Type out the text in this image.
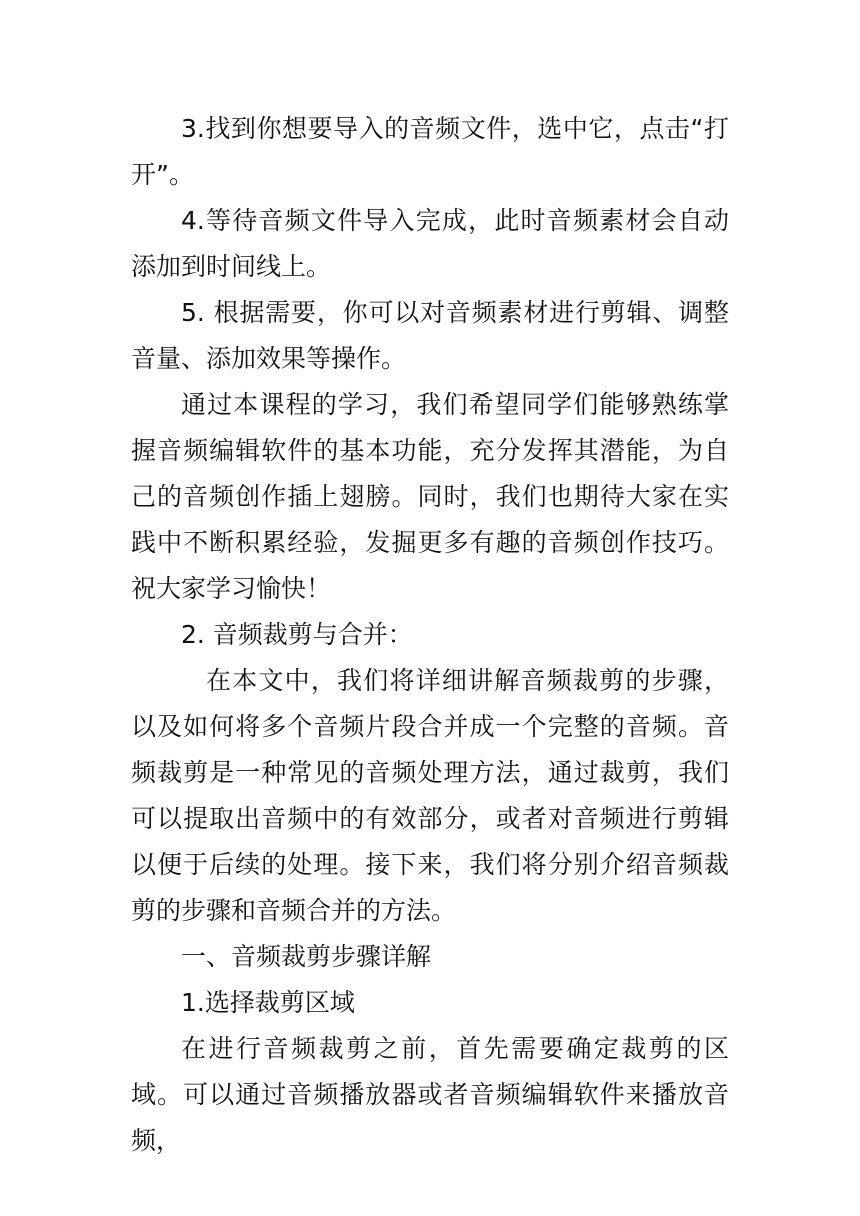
3.找到你想要导入的音频文件，选中它，点击“打开”。

4.等待音频文件导入完成，此时音频素材会自动添加到时间线上。

5. 根据需要，你可以对音频素材进行剪辑、调整音量、添加效果等操作。

通过本课程的学习，我们希望同学们能够熟练掌握音频编辑软件的基本功能，充分发挥其潜能，为自己的音频创作插上翅膀。同时，我们也期待大家在实践中不断积累经验，发掘更多有趣的音频创作技巧。祝大家学习愉快！

2. 音频裁剪与合并：

在本文中，我们将详细讲解音频裁剪的步骤，以及如何将多个音频片段合并成一个完整的音频。音频裁剪是一种常见的音频处理方法，通过裁剪，我们可以提取出音频中的有效部分，或者对音频进行剪辑以便于后续的处理。接下来，我们将分别介绍音频裁剪的步骤和音频合并的方法。

一、音频裁剪步骤详解

1.选择裁剪区域

在进行音频裁剪之前，首先需要确定裁剪的区域。可以通过音频播放器或者音频编辑软件来播放音频，
